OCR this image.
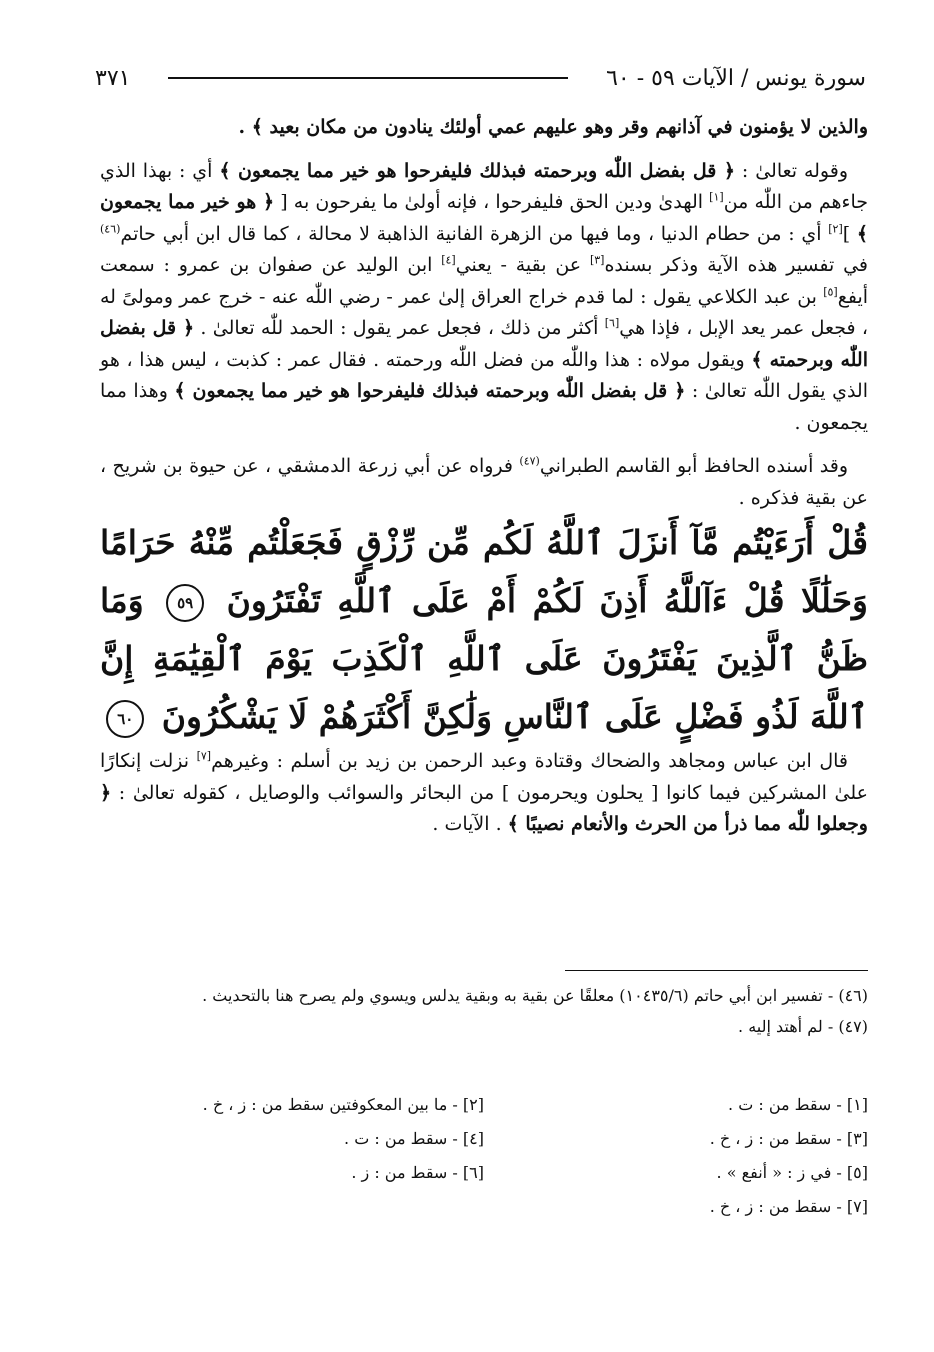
سورة يونس / الآيات ٥٩ - ٦٠
٣٧١

والذين لا يؤمنون في آذانهم وقر وهو عليهم عمي أولئك ينادون من مكان بعيد ﴾ .

وقوله تعالىٰ : ﴿ قل بفضل اللّٰه وبرحمته فبذلك فليفرحوا هو خير مما يجمعون ﴾ أي : بهذا الذي جاءهم من اللّٰه من[١] الهدىٰ ودين الحق فليفرحوا ، فإنه أولىٰ ما يفرحون به [ ﴿ هو خير مما يجمعون ﴾ ][٢] أي : من حطام الدنيا ، وما فيها من الزهرة الفانية الذاهبة لا محالة ، كما قال ابن أبي حاتم$^{(٤٦)}$ في تفسير هذه الآية وذكر بسنده[٣] عن بقية - يعني[٤] ابن الوليد عن صفوان بن عمرو : سمعت أيفع[٥] بن عبد الكلاعي يقول : لما قدم خراج العراق إلىٰ عمر - رضي اللّٰه عنه - خرج عمر ومولىً له ، فجعل عمر يعد الإبل ، فإذا هي[٦] أكثر من ذلك ، فجعل عمر يقول : الحمد للّٰه تعالىٰ . ﴿ قل بفضل اللّٰه وبرحمته ﴾ ويقول مولاه : هذا واللّٰه من فضل اللّٰه ورحمته . فقال عمر : كذبت ، ليس هذا ، هو الذي يقول اللّٰه تعالىٰ : ﴿ قل بفضل اللّٰه وبرحمته فبذلك فليفرحوا هو خير مما يجمعون ﴾ وهذا مما يجمعون .

وقد أسنده الحافظ أبو القاسم الطبراني$^{(٤٧)}$ فرواه عن أبي زرعة الدمشقي ، عن حيوة بن شريح ، عن بقية فذكره .

قُلْ أَرَءَيْتُم مَّآ أَنزَلَ ٱللَّهُ لَكُم مِّن رِّزْقٍ فَجَعَلْتُم مِّنْهُ حَرَامًا وَحَلَٰلًا قُلْ ءَآللَّهُ أَذِنَ لَكُمْ أَمْ عَلَى ٱللَّهِ تَفْتَرُونَ ٥٩ وَمَا ظَنُّ ٱلَّذِينَ يَفْتَرُونَ عَلَى ٱللَّهِ ٱلْكَذِبَ يَوْمَ ٱلْقِيَٰمَةِ إِنَّ ٱللَّهَ لَذُو فَضْلٍ عَلَى ٱلنَّاسِ وَلَٰكِنَّ أَكْثَرَهُمْ لَا يَشْكُرُونَ ٦٠

قال ابن عباس ومجاهد والضحاك وقتادة وعبد الرحمن بن زيد بن أسلم : وغيرهم[٧] نزلت إنكارًا علىٰ المشركين فيما كانوا [ يحلون ويحرمون ] من البحائر والسوائب والوصايل ، كقوله تعالىٰ : ﴿ وجعلوا للّٰه مما ذرأ من الحرث والأنعام نصيبًا ﴾ . الآيات .

(٤٦) - تفسير ابن أبي حاتم (١٠٤٣٥/٦) معلقًا عن بقية به وبقية يدلس ويسوي ولم يصرح هنا بالتحديث .
(٤٧) - لم أهتد إليه .
[١] - سقط من : ت .
[٢] - ما بين المعكوفتين سقط من : ز ، خ .
[٣] - سقط من : ز ، خ .
[٤] - سقط من : ت .
[٥] - في ز : « أنفع » .
[٦] - سقط من : ز .
[٧] - سقط من : ز ، خ .
